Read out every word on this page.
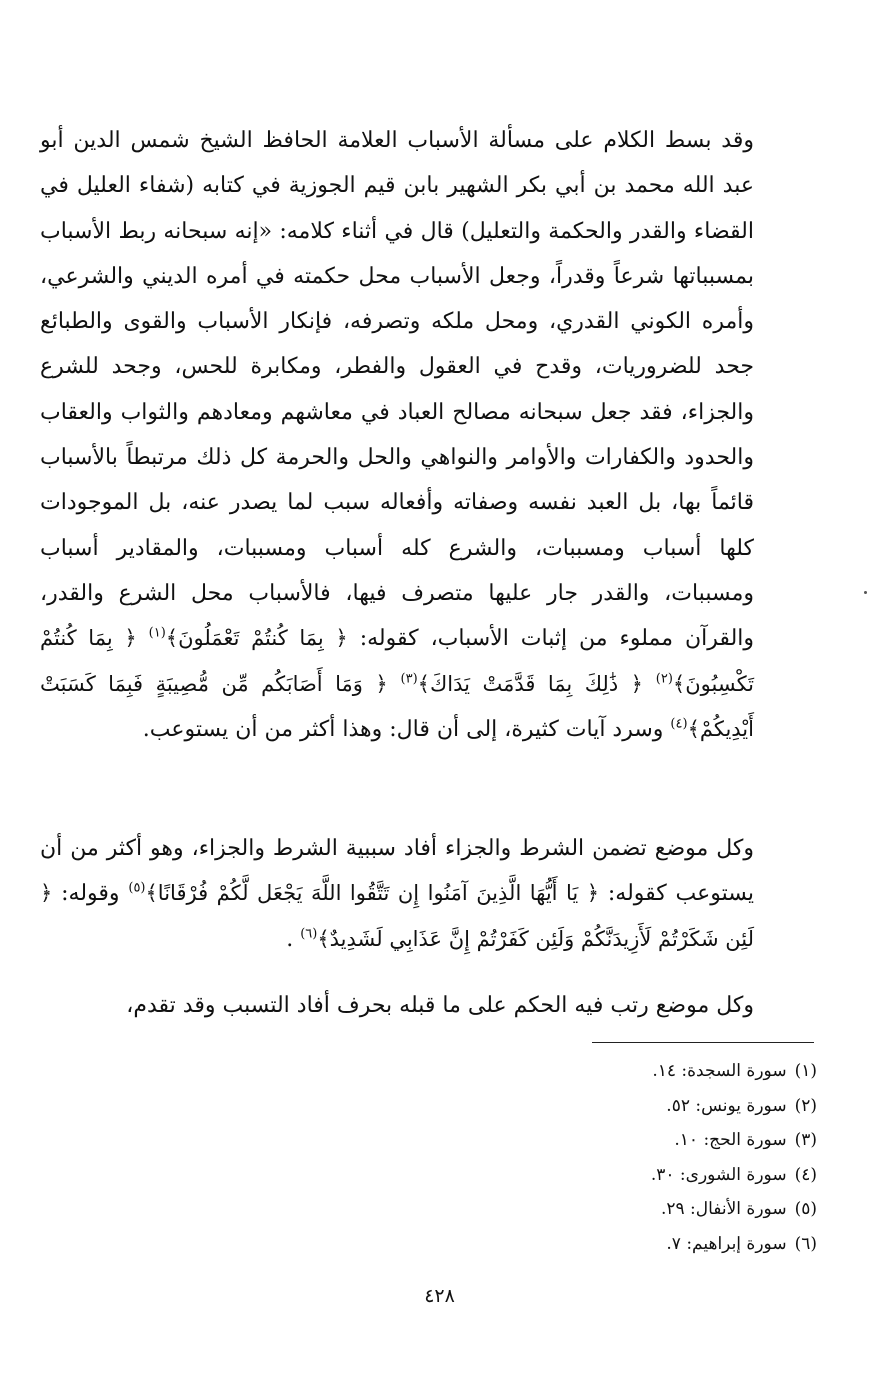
وقد بسط الكلام على مسألة الأسباب العلامة الحافظ الشيخ شمس الدين أبو عبد الله محمد بن أبي بكر الشهير بابن قيم الجوزية في كتابه (شفاء العليل في القضاء والقدر والحكمة والتعليل) قال في أثناء كلامه: «إنه سبحانه ربط الأسباب بمسبباتها شرعاً وقدراً، وجعل الأسباب محل حكمته في أمره الديني والشرعي، وأمره الكوني القدري، ومحل ملكه وتصرفه، فإنكار الأسباب والقوى والطبائع جحد للضروريات، وقدح في العقول والفطر، ومكابرة للحس، وجحد للشرع والجزاء، فقد جعل سبحانه مصالح العباد في معاشهم ومعادهم والثواب والعقاب والحدود والكفارات والأوامر والنواهي والحل والحرمة كل ذلك مرتبطاً بالأسباب قائماً بها، بل العبد نفسه وصفاته وأفعاله سبب لما يصدر عنه، بل الموجودات كلها أسباب ومسببات، والشرع كله أسباب ومسببات، والمقادير أسباب ومسببات، والقدر جار عليها متصرف فيها، فالأسباب محل الشرع والقدر، والقرآن مملوء من إثبات الأسباب، كقوله: ﴿ بِمَا كُنتُمْ تَعْمَلُونَ﴾$^{(١)}$ ﴿ بِمَا كُنتُمْ تَكْسِبُونَ﴾$^{(٢)}$ ﴿ ذَٰلِكَ بِمَا قَدَّمَتْ يَدَاكَ﴾$^{(٣)}$ ﴿ وَمَا أَصَابَكُم مِّن مُّصِيبَةٍ فَبِمَا كَسَبَتْ أَيْدِيكُمْ﴾$^{(٤)}$ وسرد آيات كثيرة، إلى أن قال: وهذا أكثر من أن يستوعب.

وكل موضع تضمن الشرط والجزاء أفاد سببية الشرط والجزاء، وهو أكثر من أن يستوعب كقوله: ﴿ يَا أَيُّهَا الَّذِينَ آمَنُوا إِن تَتَّقُوا اللَّهَ يَجْعَل لَّكُمْ فُرْقَانًا﴾$^{(٥)}$ وقوله: ﴿ لَئِن شَكَرْتُمْ لَأَزِيدَنَّكُمْ وَلَئِن كَفَرْتُمْ إِنَّ عَذَابِي لَشَدِيدٌ﴾$^{(٦)}$ .

وكل موضع رتب فيه الحكم على ما قبله بحرف أفاد التسبب وقد تقدم،

(١)سورة السجدة: ١٤.
(٢)سورة يونس: ٥٢.
(٣)سورة الحج: ١٠.
(٤)سورة الشورى: ٣٠.
(٥)سورة الأنفال: ٢٩.
(٦)سورة إبراهيم: ٧.
٤٢٨
